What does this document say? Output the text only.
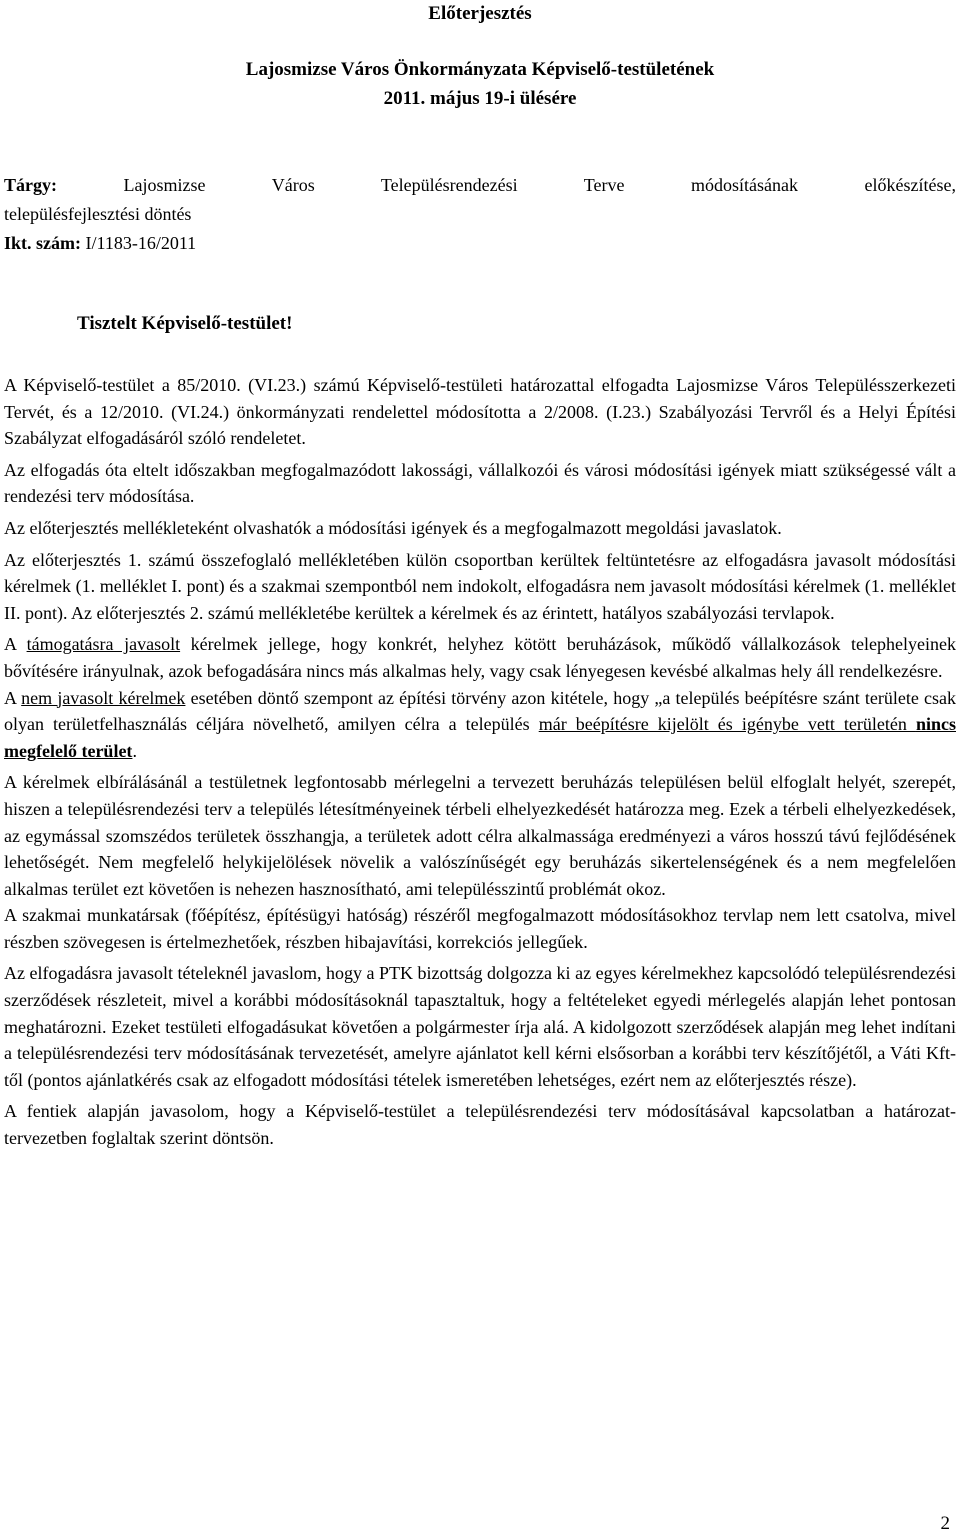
Előterjesztés
Lajosmizse Város Önkormányzata Képviselő-testületének
2011. május 19-i ülésére
Tárgy:	Lajosmizse Város Településrendezési Terve módosításának előkészítése,
településfejlesztési döntés
Ikt. szám: I/1183-16/2011
Tisztelt Képviselő-testület!

A Képviselő-testület a 85/2010. (VI.23.) számú Képviselő-testületi határozattal elfogadta Lajosmizse Város Településszerkezeti Tervét, és a 12/2010. (VI.24.) önkormányzati rendelettel módosította a 2/2008. (I.23.) Szabályozási Tervről és a Helyi Építési Szabályzat elfogadásáról szóló rendeletet.

Az elfogadás óta eltelt időszakban megfogalmazódott lakossági, vállalkozói és városi módosítási igények miatt szükségessé vált a rendezési terv módosítása.

Az előterjesztés mellékleteként olvashatók a módosítási igények és a megfogalmazott megoldási javaslatok.

Az előterjesztés 1. számú összefoglaló mellékletében külön csoportban kerültek feltüntetésre az elfogadásra javasolt módosítási kérelmek (1. melléklet I. pont) és a szakmai szempontból nem indokolt, elfogadásra nem javasolt módosítási kérelmek (1. melléklet II. pont). Az előterjesztés 2. számú mellékletébe kerültek a kérelmek és az érintett, hatályos szabályozási tervlapok.

A támogatásra javasolt kérelmek jellege, hogy konkrét, helyhez kötött beruházások, működő vállalkozások telephelyeinek bővítésére irányulnak, azok befogadására nincs más alkalmas hely, vagy csak lényegesen kevésbé alkalmas hely áll rendelkezésre.

A nem javasolt kérelmek esetében döntő szempont az építési törvény azon kitétele, hogy „a település beépítésre szánt területe csak olyan területfelhasználás céljára növelhető, amilyen célra a település már beépítésre kijelölt és igénybe vett területén nincs megfelelő terület.

A kérelmek elbírálásánál a testületnek legfontosabb mérlegelni a tervezett beruházás településen belül elfoglalt helyét, szerepét, hiszen a településrendezési terv a település létesítményeinek térbeli elhelyezkedését határozza meg. Ezek a térbeli elhelyezkedések, az egymással szomszédos területek összhangja, a területek adott célra alkalmassága eredményezi a város hosszú távú fejlődésének lehetőségét. Nem megfelelő helykijelölések növelik a valószínűségét egy beruházás sikertelenségének és a nem megfelelően alkalmas terület ezt követően is nehezen hasznosítható, ami településszintű problémát okoz.

A szakmai munkatársak (főépítész, építésügyi hatóság) részéről megfogalmazott módosításokhoz tervlap nem lett csatolva, mivel részben szövegesen is értelmezhetőek, részben hibajavítási, korrekciós jellegűek.

Az elfogadásra javasolt tételeknél javaslom, hogy a PTK bizottság dolgozza ki az egyes kérelmekhez kapcsolódó településrendezési szerződések részleteit, mivel a korábbi módosításoknál tapasztaltuk, hogy a feltételeket egyedi mérlegelés alapján lehet pontosan meghatározni. Ezeket testületi elfogadásukat követően a polgármester írja alá. A kidolgozott szerződések alapján meg lehet indítani a településrendezési terv módosításának tervezetését, amelyre ajánlatot kell kérni elsősorban a korábbi terv készítőjétől, a Váti Kft-től (pontos ajánlatkérés csak az elfogadott módosítási tételek ismeretében lehetséges, ezért nem az előterjesztés része).

A fentiek alapján javasolom, hogy a Képviselő-testület a településrendezési terv módosításával kapcsolatban a határozat-tervezetben foglaltak szerint döntsön.

2
